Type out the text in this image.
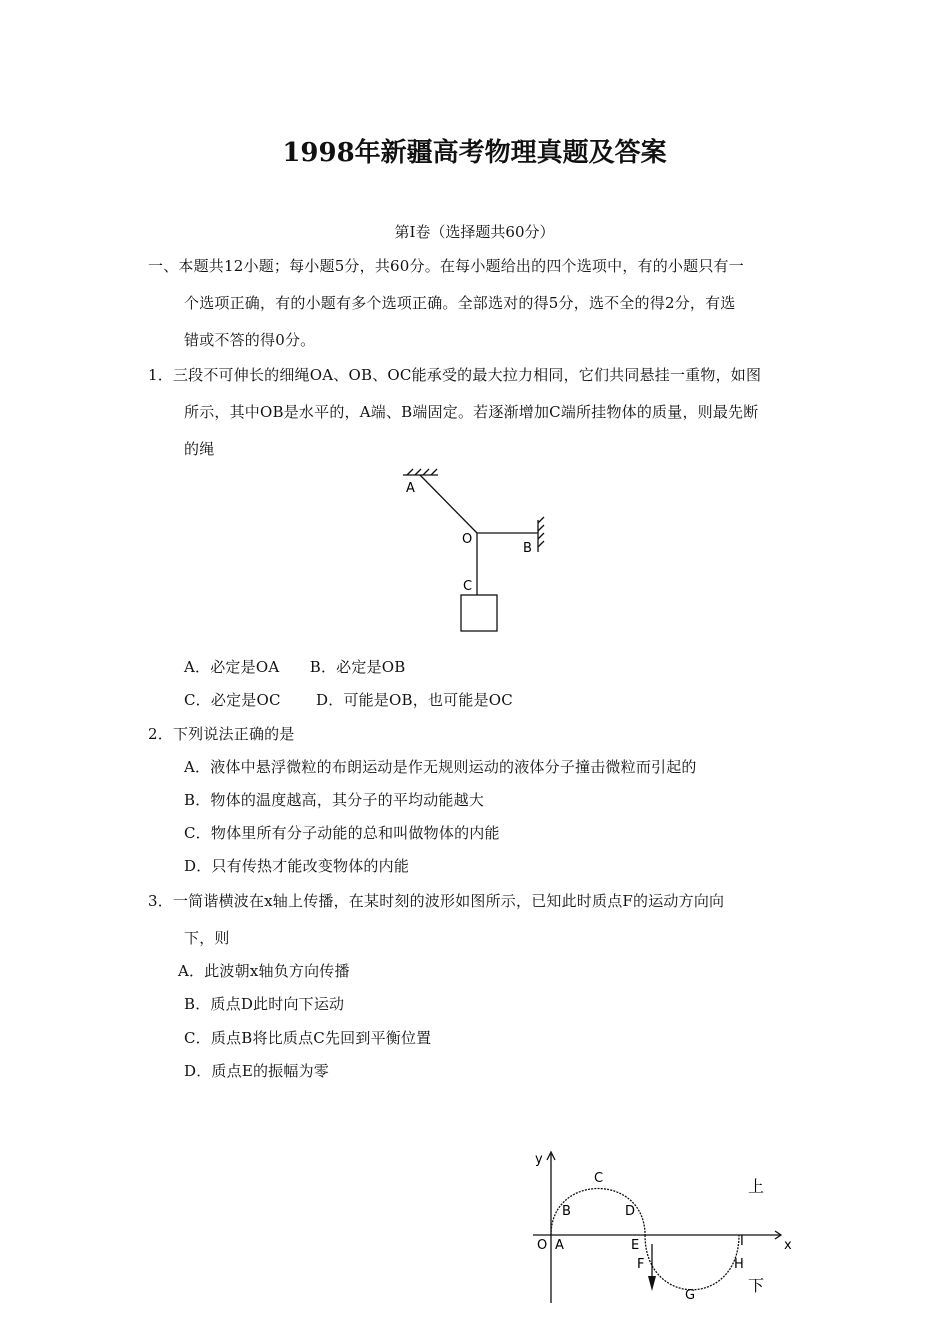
1998年新疆高考物理真题及答案
第Ⅰ卷（选择题共60分）
一、本题共12小题；每小题5分，共60分。在每小题给出的四个选项中，有的小题只有一
个选项正确，有的小题有多个选项正确。全部选对的得5分，选不全的得2分，有选
错或不答的得0分。
1．三段不可伸长的细绳OA、OB、OC能承受的最大拉力相同，它们共同悬挂一重物，如图
所示，其中OB是水平的，A端、B端固定。若逐渐增加C端所挂物体的质量，则最先断
的绳
A
O
B
C
A．必定是OA　　B．必定是OB
C．必定是OC　　 D．可能是OB，也可能是OC
2．下列说法正确的是
A．液体中悬浮微粒的布朗运动是作无规则运动的液体分子撞击微粒而引起的
B．物体的温度越高，其分子的平均动能越大
C．物体里所有分子动能的总和叫做物体的内能
D．只有传热才能改变物体的内能
3．一简谐横波在x轴上传播，在某时刻的波形如图所示，已知此时质点F的运动方向向
下，则
A．此波朝x轴负方向传播
B．质点D此时向下运动
C．质点B将比质点C先回到平衡位置
D．质点E的振幅为零
y
x
O A
B
C
D
E
F
G
H
I
上
下
